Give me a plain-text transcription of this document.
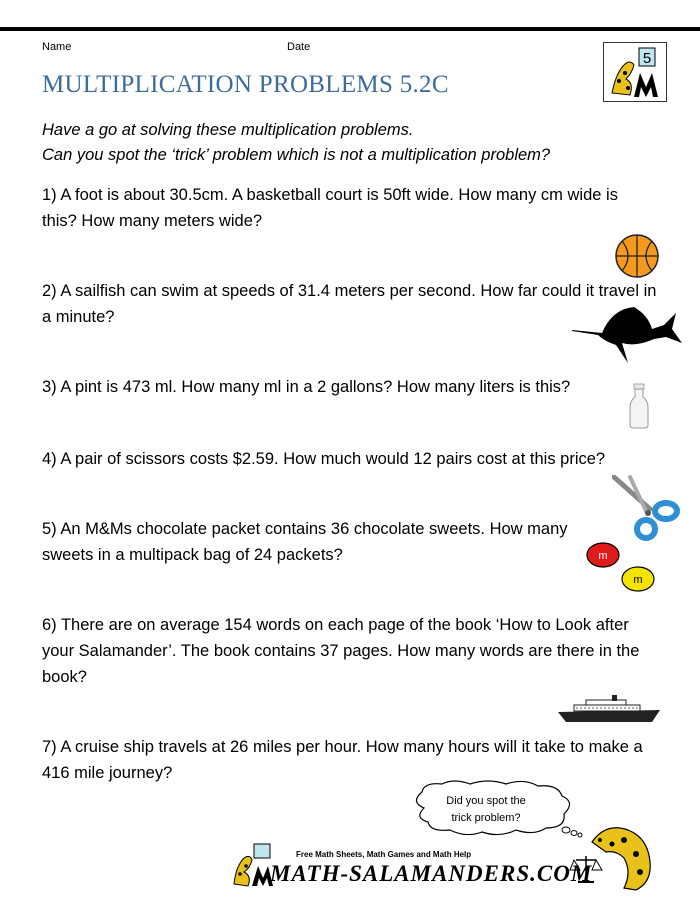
Name	Date
MULTIPLICATION PROBLEMS 5.2C
5
Have a go at solving these multiplication problems.
Can you spot the ‘trick’ problem which is not a multiplication problem?
1) A foot is about 30.5cm. A basketball court is 50ft wide. How many cm wide is this? How many meters wide?
2) A sailfish can swim at speeds of 31.4 meters per second. How far could it travel in a minute?
3) A pint is 473 ml. How many ml in a 2 gallons? How many liters is this?
4) A pair of scissors costs $2.59. How much would 12 pairs cost at this price?
5) An M&Ms chocolate packet contains 36 chocolate sweets. How many sweets in a multipack bag of 24 packets?
6) There are on average 154 words on each page of the book ‘How to Look after your Salamander’. The book contains 37 pages. How many words are there in the book?
7) A cruise ship travels at 26 miles per hour. How many hours will it take to make a 416 mile journey?
m
m
Did you spot the
trick problem?
Free Math Sheets, Math Games and Math Help
MATH-SALAMANDERS.COM
